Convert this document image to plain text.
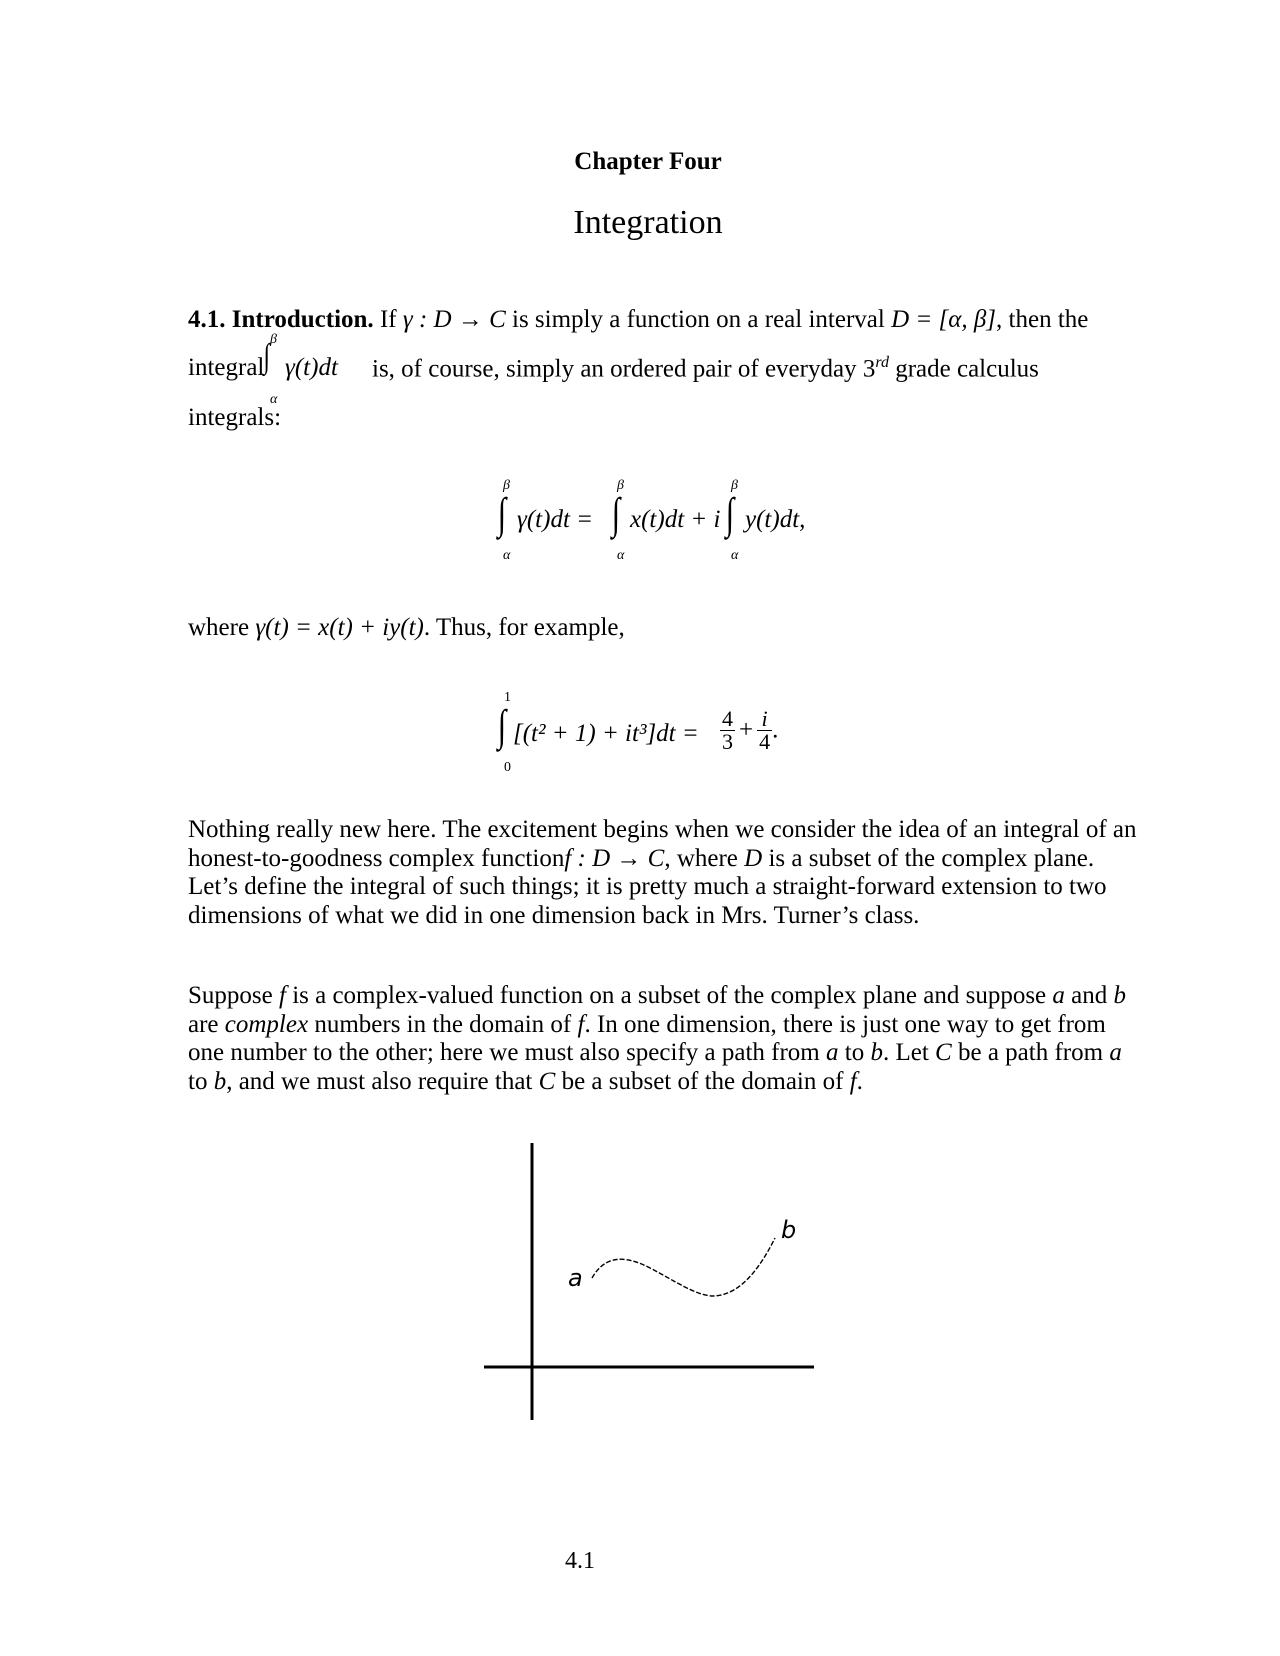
Chapter Four
Integration
4.1. Introduction. If γ : D → C is simply a function on a real interval D = [α, β], then the
integral
β
∫
α
γ(t)dt is, of course, simply an ordered pair of everyday 3rd grade calculus
integrals:
β
∫
α
γ(t)dt =
β
∫
α
x(t)dt + i
β
∫
α
y(t)dt,
where γ(t) = x(t) + iy(t). Thus, for example,
1
∫
0
$[(t^2 + 1) + it^3]dt = \frac{4}{3} + \frac{i}{4}$ .
Nothing really new here. The excitement begins when we consider the idea of an integral of an honest-to-goodness complex functionf : D → C, where D is a subset of the complex plane. Let’s define the integral of such things; it is pretty much a straight-forward extension to two dimensions of what we did in one dimension back in Mrs. Turner’s class.
Suppose f is a complex-valued function on a subset of the complex plane and suppose a and b are complex numbers in the domain of f. In one dimension, there is just one way to get from one number to the other; here we must also specify a path from a to b. Let C be a path from a to b, and we must also require that C be a subset of the domain of f.
a
b
4.1
